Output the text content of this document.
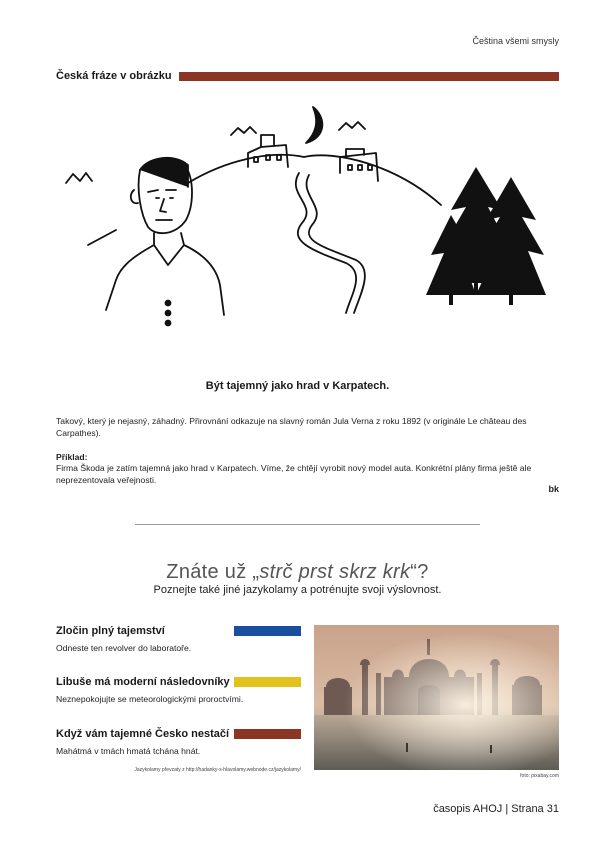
Čeština všemi smysly
Česká fráze v obrázku
Být tajemný jako hrad v Karpatech.
Takový, který je nejasný, záhadný. Přirovnání odkazuje na slavný román Jula Verna z roku 1892 (v originále Le château des Carpathes).
Příklad:
Firma Škoda je zatím tajemná jako hrad v Karpatech. Víme, že chtějí vyrobit nový model auta. Konkrétní plány firma ještě ale neprezentovala veřejnosti.
bk
Znáte už „strč prst skrz krk“?
Poznejte také jiné jazykolamy a potrénujte svoji výslovnost.
Zločin plný tajemství
Odneste ten revolver do laboratoře.
Libuše má moderní následovníky
Neznepokojujte se meteorologickými proroctvími.
Když vám tajemné Česko nestačí
Mahátmá v tmách hmatá tchána hnát.
Jazykolamy převzaty z http://hadanky-s-hlavolamy.webnode.cz/jazykolamy/
foto: pixabay.com
časopis AHOJ | Strana 31
